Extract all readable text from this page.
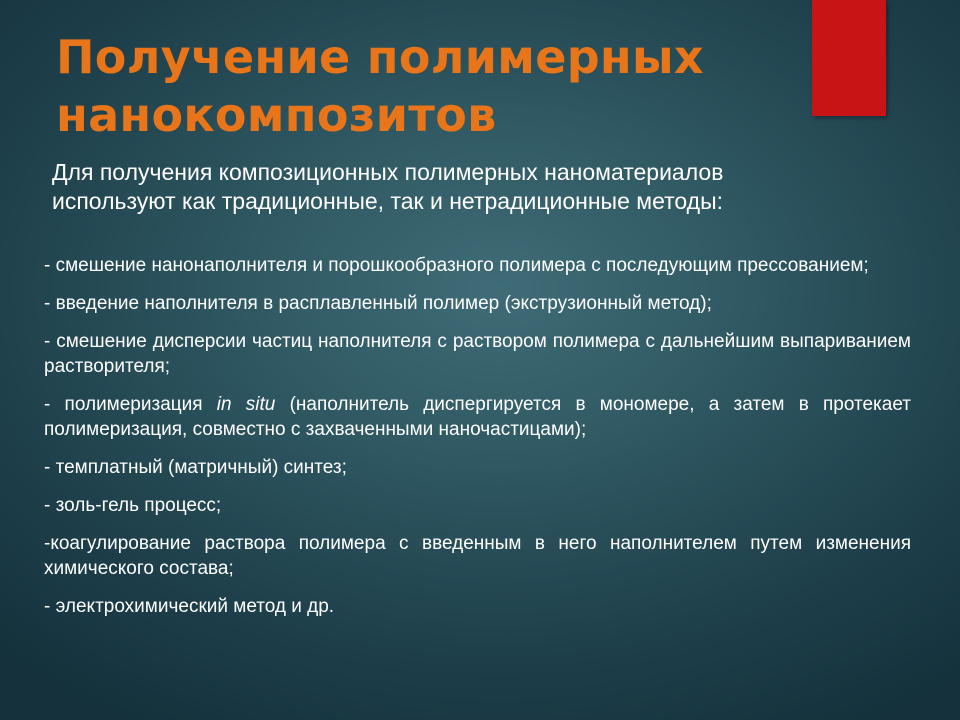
Получение полимерных нанокомпозитов

Для получения композиционных полимерных наноматериалов используют как традиционные, так и нетрадиционные методы:

- смешение нанонаполнителя и порошкообразного полимера с последующим прессованием;
- введение наполнителя в расплавленный полимер (экструзионный метод);
- смешение дисперсии частиц наполнителя с раствором полимера с дальнейшим выпариванием растворителя;
- полимеризация in situ (наполнитель диспергируется в мономере, а затем в протекает полимеризация, совместно с захваченными наночастицами);
- темплатный (матричный) синтез;
- золь-гель процесс;
-коагулирование раствора полимера с введенным в него наполнителем путем изменения химического состава;
- электрохимический метод и др.
